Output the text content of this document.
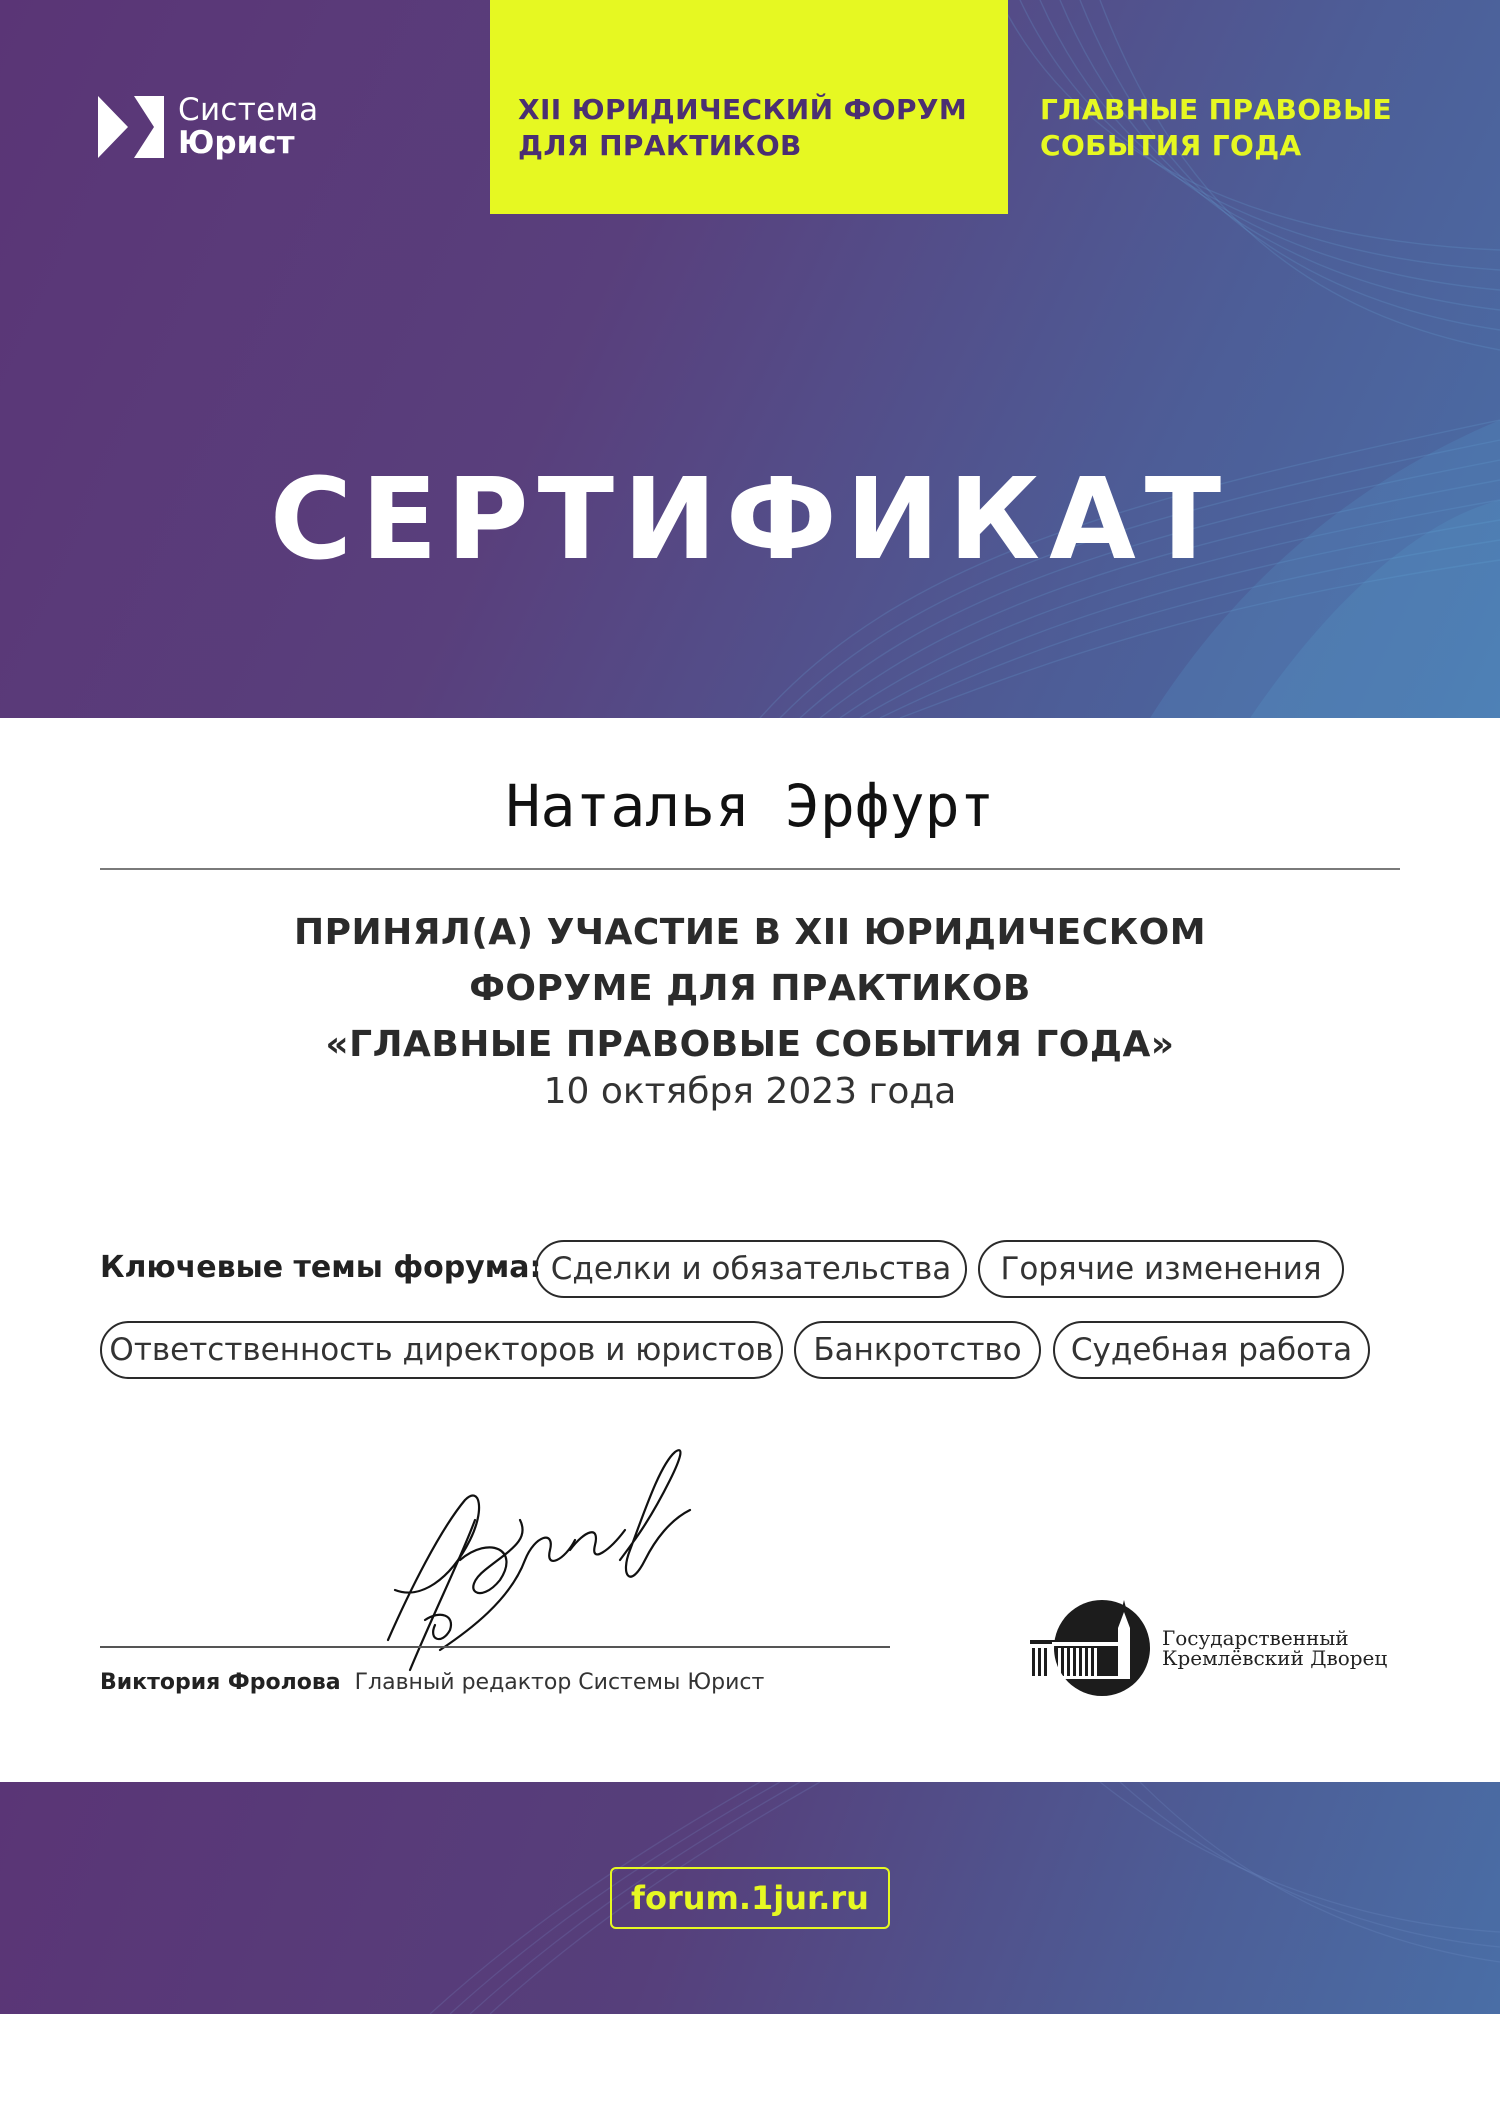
Система
Юрист
XII ЮРИДИЧЕСКИЙ ФОРУМ
ДЛЯ ПРАКТИКОВ
ГЛАВНЫЕ ПРАВОВЫЕ
СОБЫТИЯ ГОДА
СЕРТИФИКАТ
Наталья Эрфурт
ПРИНЯЛ(А) УЧАСТИЕ В XII ЮРИДИЧЕСКОМ
ФОРУМЕ ДЛЯ ПРАКТИКОВ
«ГЛАВНЫЕ ПРАВОВЫЕ СОБЫТИЯ ГОДА»
10 октября 2023 года
Ключевые темы форума: Сделки и обязательства	Горячие изменения
Ответственность директоров и юристов	Банкротство	Судебная работа
Виктория Фролова Главный редактор Системы Юрист
Государственный
Кремлёвский Дворец
forum.1jur.ru
